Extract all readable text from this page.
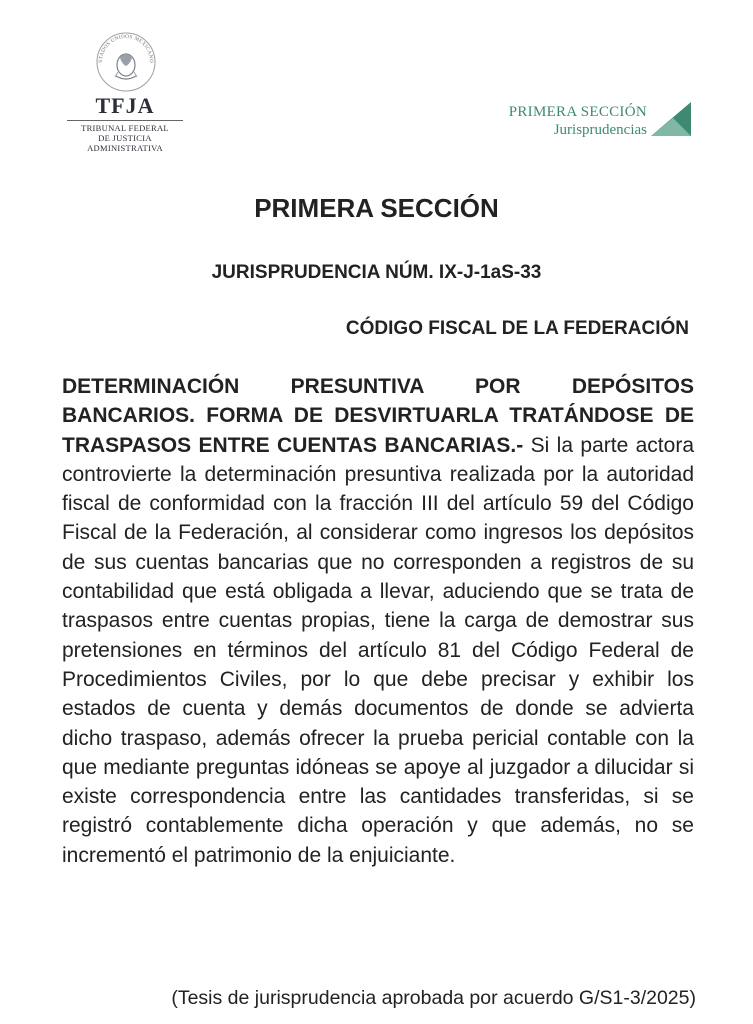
STADOS UNIDOS MEXICANO
TFJA
TRIBUNAL FEDERAL
DE JUSTICIA ADMINISTRATIVA
PRIMERA SECCIÓN
Jurisprudencias
PRIMERA SECCIÓN
JURISPRUDENCIA NÚM. IX-J-1aS-33
CÓDIGO FISCAL DE LA FEDERACIÓN
DETERMINACIÓN PRESUNTIVA POR DEPÓSITOS BANCARIOS. FORMA DE DESVIRTUARLA TRATÁNDOSE DE TRASPASOS ENTRE CUENTAS BANCARIAS.- Si la parte actora controvierte la determinación presuntiva realizada por la autoridad fiscal de conformidad con la fracción III del artículo 59 del Código Fiscal de la Federación, al considerar como ingresos los depósitos de sus cuentas bancarias que no corresponden a registros de su contabilidad que está obligada a llevar, aduciendo que se trata de traspasos entre cuentas propias, tiene la carga de demostrar sus pretensiones en términos del artículo 81 del Código Federal de Procedimientos Civiles, por lo que debe precisar y exhibir los estados de cuenta y demás documentos de donde se advierta dicho traspaso, además ofrecer la prueba pericial contable con la que mediante preguntas idóneas se apoye al juzgador a dilucidar si existe correspondencia entre las cantidades transferidas, si se registró contablemente dicha operación y que además, no se incrementó el patrimonio de la enjuiciante.
(Tesis de jurisprudencia aprobada por acuerdo G/S1-3/2025)
